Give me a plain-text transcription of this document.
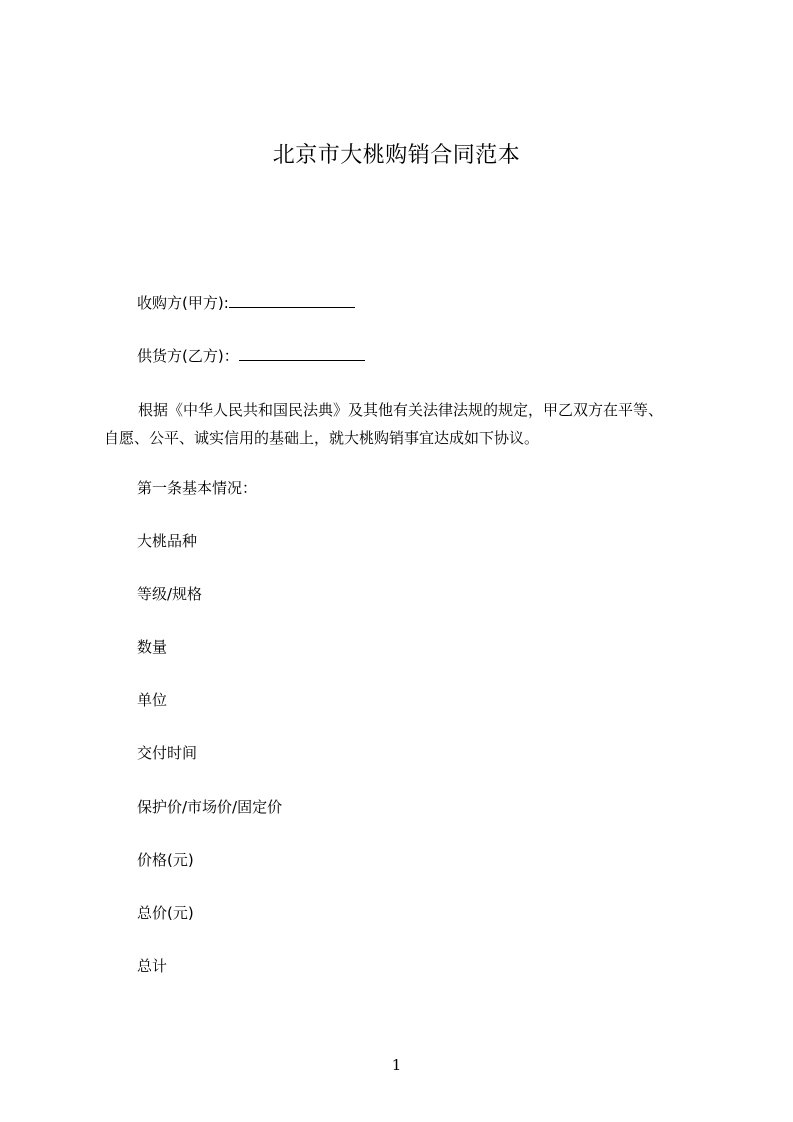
北京市大桃购销合同范本
收购方(甲方):
供货方(乙方)：
根据《中华人民共和国民法典》及其他有关法律法规的规定，甲乙双方在平等、
自愿、公平、诚实信用的基础上，就大桃购销事宜达成如下协议。
第一条基本情况：
大桃品种
等级/规格
数量
单位
交付时间
保护价/市场价/固定价
价格(元)
总价(元)
总计
1
